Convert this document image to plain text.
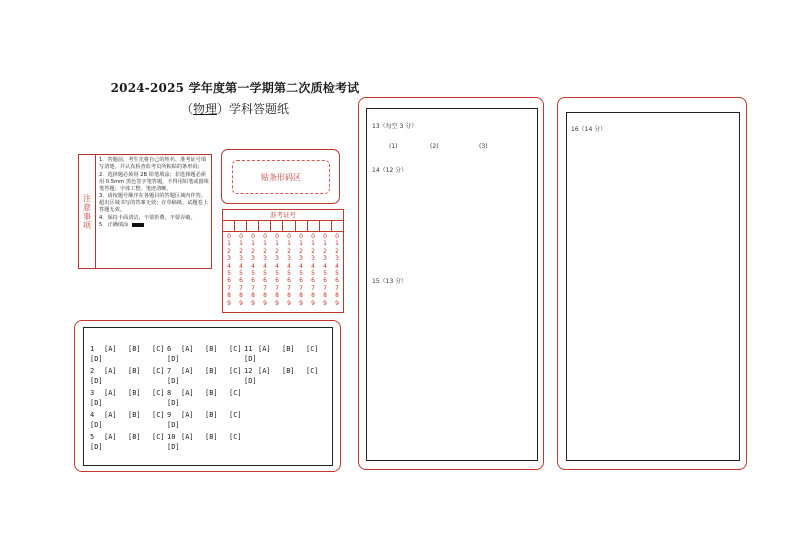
2024-2025 学年度第一学期第二次质检考试
（物理）学科答题纸
注意事项
1．答题前，考生先将自己的姓名、准考证号填写清楚，并认真检查监考员所粘贴的条形码；
2．选择题必须用 2B 铅笔填涂；非选择题必须用 0.5mm 黑色签字笔答题，不得用铅笔或圆珠笔答题；字体工整、笔迹清晰。
3．请按题号顺序在各题目的答题区域内作答，超出区域书写的答案无效；在草稿纸、试题卷上答题无效。
4．保持卡面清洁，不要折叠，不要弄破。
5．正确填涂
贴条形码区
准考证号
0
1
2
3
4
5
6
7
8
9
0
1
2
3
4
5
6
7
8
9
0
1
2
3
4
5
6
7
8
9
0
1
2
3
4
5
6
7
8
9
0
1
2
3
4
5
6
7
8
9
0
1
2
3
4
5
6
7
8
9
0
1
2
3
4
5
6
7
8
9
0
1
2
3
4
5
6
7
8
9
0
1
2
3
4
5
6
7
8
9
0
1
2
3
4
5
6
7
8
9
1 [A] [B] [C]
[D]
2 [A] [B] [C]
[D]
3 [A] [B] [C]
[D]
4 [A] [B] [C]
[D]
5 [A] [B] [C]
[D]
6 [A] [B] [C]
[D]
7 [A] [B] [C]
[D]
8 [A] [B] [C]
[D]
9 [A] [B] [C]
[D]
10 [A] [B] [C]
[D]
11 [A] [B] [C]
[D]
12 [A] [B] [C]
[D]
13（每空 3 分）
(1)	(2)	(3)
14（12 分）
15（13 分）
16（14 分）
